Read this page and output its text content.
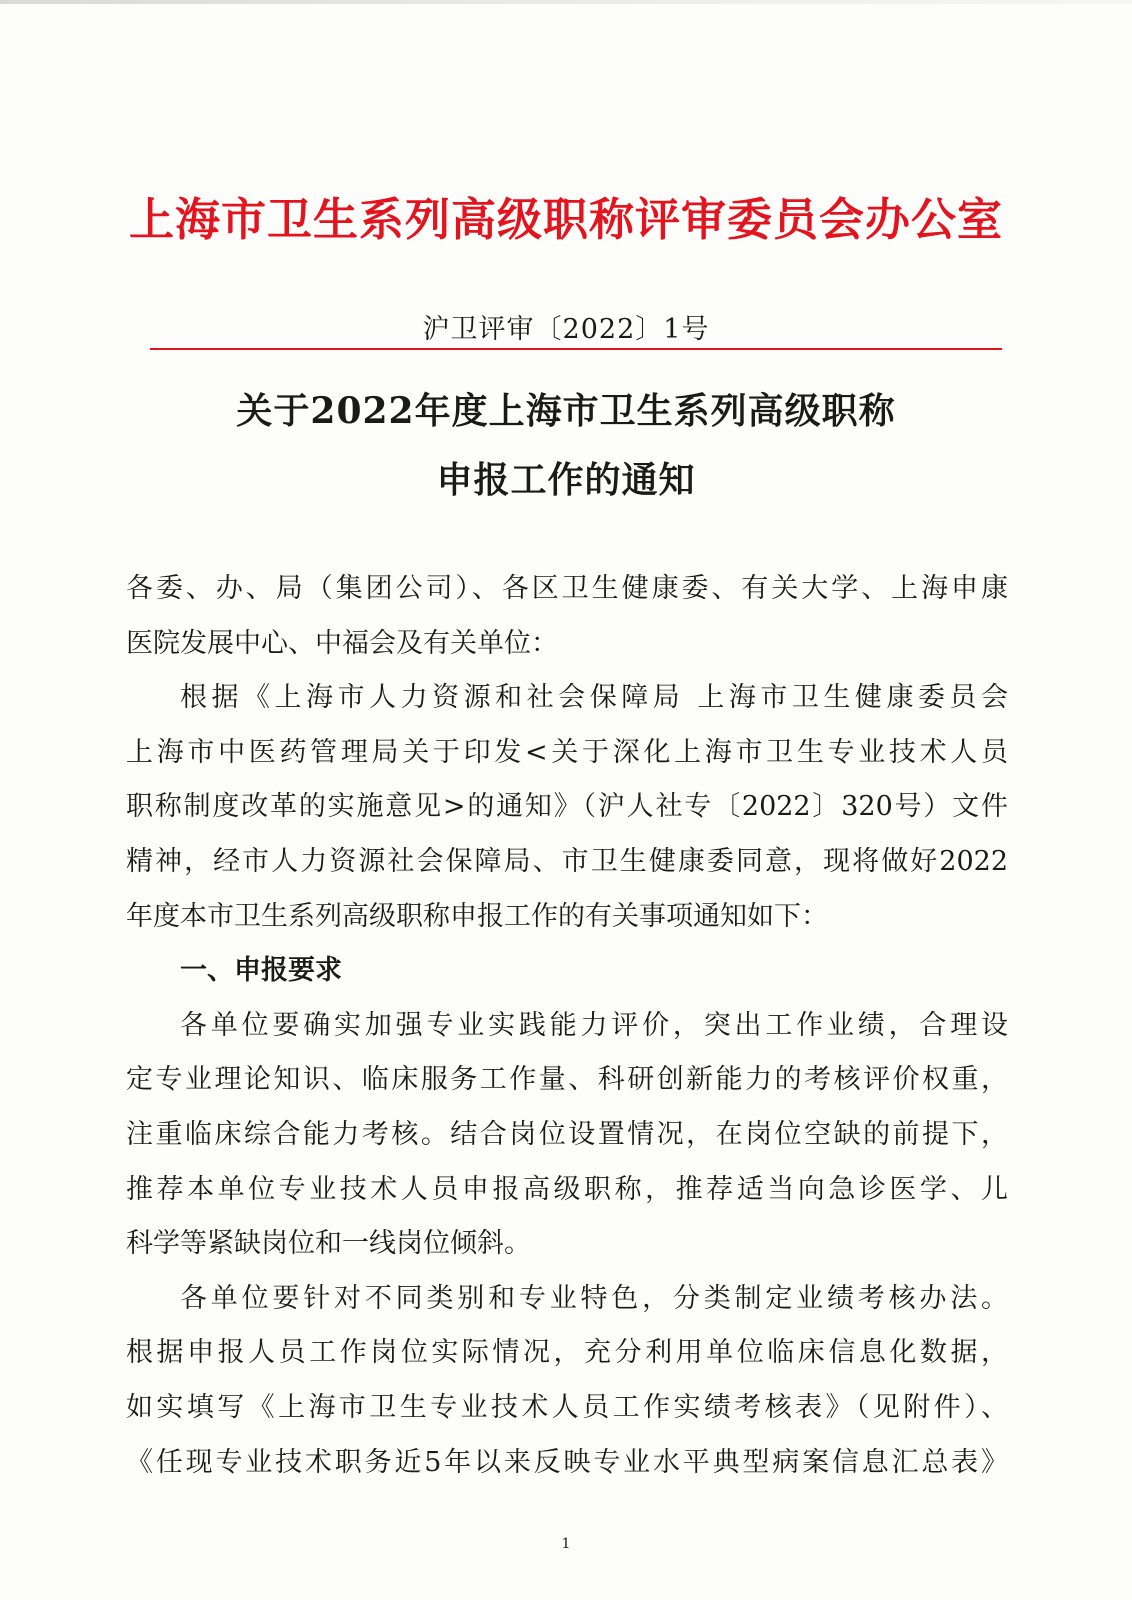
上海市卫生系列高级职称评审委员会办公室
沪卫评审〔2022〕1号
关于2022年度上海市卫生系列高级职称
申报工作的通知

各委、办、局（集团公司）、各区卫生健康委、有关大学、上海申康

医院发展中心、中福会及有关单位：

根据《上海市人力资源和社会保障局 上海市卫生健康委员会

上海市中医药管理局关于印发<关于深化上海市卫生专业技术人员

职称制度改革的实施意见>的通知》（沪人社专〔2022〕320号）文件

精神，经市人力资源社会保障局、市卫生健康委同意，现将做好2022

年度本市卫生系列高级职称申报工作的有关事项通知如下：

一、申报要求

各单位要确实加强专业实践能力评价，突出工作业绩，合理设

定专业理论知识、临床服务工作量、科研创新能力的考核评价权重，

注重临床综合能力考核。结合岗位设置情况，在岗位空缺的前提下，

推荐本单位专业技术人员申报高级职称，推荐适当向急诊医学、儿

科学等紧缺岗位和一线岗位倾斜。

各单位要针对不同类别和专业特色，分类制定业绩考核办法。

根据申报人员工作岗位实际情况，充分利用单位临床信息化数据，

如实填写《上海市卫生专业技术人员工作实绩考核表》（见附件）、

《任现专业技术职务近5年以来反映专业水平典型病案信息汇总表》

1
